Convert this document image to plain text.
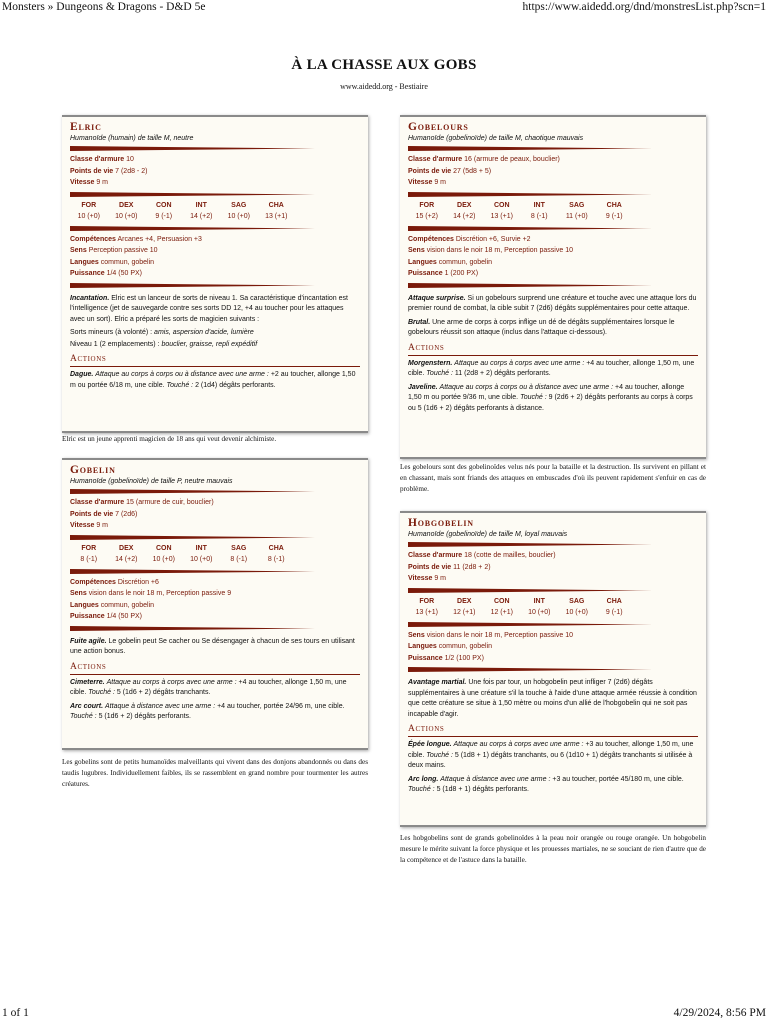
Monsters » Dungeons & Dragons - D&D 5e	https://www.aidedd.org/dnd/monstresList.php?scn=1
À LA CHASSE AUX GOBS
www.aidedd.org - Bestiaire
Elric
Humanoïde (humain) de taille M, neutre
Classe d'armure 10
Points de vie 7 (2d8 - 2)
Vitesse 9 m
FOR
10 (+0)
DEX
10 (+0)
CON
9 (-1)
INT
14 (+2)
SAG
10 (+0)
CHA
13 (+1)
Compétences Arcanes +4, Persuasion +3
Sens Perception passive 10
Langues commun, gobelin
Puissance 1/4 (50 PX)
Incantation. Elric est un lanceur de sorts de niveau 1. Sa caractéristique d'incantation est l'intelligence (jet de sauvegarde contre ses sorts DD 12, +4 au toucher pour les attaques avec un sort). Elric a préparé les sorts de magicien suivants :
Sorts mineurs (à volonté) : amis, aspersion d'acide, lumière
Niveau 1 (2 emplacements) : bouclier, graisse, repli expéditif
Actions
Dague. Attaque au corps à corps ou à distance avec une arme : +2 au toucher, allonge 1,50 m ou portée 6/18 m, une cible. Touché : 2 (1d4) dégâts perforants.
Elric est un jeune apprenti magicien de 18 ans qui veut devenir alchimiste.
Gobelin
Humanoïde (gobelinoïde) de taille P, neutre mauvais
Classe d'armure 15 (armure de cuir, bouclier)
Points de vie 7 (2d6)
Vitesse 9 m
FOR
8 (-1)
DEX
14 (+2)
CON
10 (+0)
INT
10 (+0)
SAG
8 (-1)
CHA
8 (-1)
Compétences Discrétion +6
Sens vision dans le noir 18 m, Perception passive 9
Langues commun, gobelin
Puissance 1/4 (50 PX)
Fuite agile. Le gobelin peut Se cacher ou Se désengager à chacun de ses tours en utilisant une action bonus.
Actions
Cimeterre. Attaque au corps à corps avec une arme : +4 au toucher, allonge 1,50 m, une cible. Touché : 5 (1d6 + 2) dégâts tranchants.
Arc court. Attaque à distance avec une arme : +4 au toucher, portée 24/96 m, une cible. Touché : 5 (1d6 + 2) dégâts perforants.
Les gobelins sont de petits humanoïdes malveillants qui vivent dans des donjons abandonnés ou dans des taudis lugubres. Individuellement faibles, ils se rassemblent en grand nombre pour tourmenter les autres créatures.
Gobelours
Humanoïde (gobelinoïde) de taille M, chaotique mauvais
Classe d'armure 16 (armure de peaux, bouclier)
Points de vie 27 (5d8 + 5)
Vitesse 9 m
FOR
15 (+2)
DEX
14 (+2)
CON
13 (+1)
INT
8 (-1)
SAG
11 (+0)
CHA
9 (-1)
Compétences Discrétion +6, Survie +2
Sens vision dans le noir 18 m, Perception passive 10
Langues commun, gobelin
Puissance 1 (200 PX)
Attaque surprise. Si un gobelours surprend une créature et touche avec une attaque lors du premier round de combat, la cible subit 7 (2d6) dégâts supplémentaires pour cette attaque.
Brutal. Une arme de corps à corps inflige un dé de dégâts supplémentaires lorsque le gobelours réussit son attaque (inclus dans l'attaque ci-dessous).
Actions
Morgenstern. Attaque au corps à corps avec une arme : +4 au toucher, allonge 1,50 m, une cible. Touché : 11 (2d8 + 2) dégâts perforants.
Javeline. Attaque au corps à corps ou à distance avec une arme : +4 au toucher, allonge 1,50 m ou portée 9/36 m, une cible. Touché : 9 (2d6 + 2) dégâts perforants au corps à corps ou 5 (1d6 + 2) dégâts perforants à distance.
Les gobelours sont des gobelinoïdes velus nés pour la bataille et la destruction. Ils survivent en pillant et en chassant, mais sont friands des attaques en embuscades d'où ils peuvent rapidement s'enfuir en cas de problème.
Hobgobelin
Humanoïde (gobelinoïde) de taille M, loyal mauvais
Classe d'armure 18 (cotte de mailles, bouclier)
Points de vie 11 (2d8 + 2)
Vitesse 9 m
FOR
13 (+1)
DEX
12 (+1)
CON
12 (+1)
INT
10 (+0)
SAG
10 (+0)
CHA
9 (-1)
Sens vision dans le noir 18 m, Perception passive 10
Langues commun, gobelin
Puissance 1/2 (100 PX)
Avantage martial. Une fois par tour, un hobgobelin peut infliger 7 (2d6) dégâts supplémentaires à une créature s'il la touche à l'aide d'une attaque armée réussie à condition que cette créature se situe à 1,50 mètre ou moins d'un allié de l'hobgobelin qui ne soit pas incapable d'agir.
Actions
Épée longue. Attaque au corps à corps avec une arme : +3 au toucher, allonge 1,50 m, une cible. Touché : 5 (1d8 + 1) dégâts tranchants, ou 6 (1d10 + 1) dégâts tranchants si utilisée à deux mains.
Arc long. Attaque à distance avec une arme : +3 au toucher, portée 45/180 m, une cible. Touché : 5 (1d8 + 1) dégâts perforants.
Les hobgobelins sont de grands gobelinoïdes à la peau noir orangée ou rouge orangée. Un hobgobelin mesure le mérite suivant la force physique et les prouesses martiales, ne se souciant de rien d'autre que de la compétence et de l'astuce dans la bataille.
1 of 1	4/29/2024, 8:56 PM
